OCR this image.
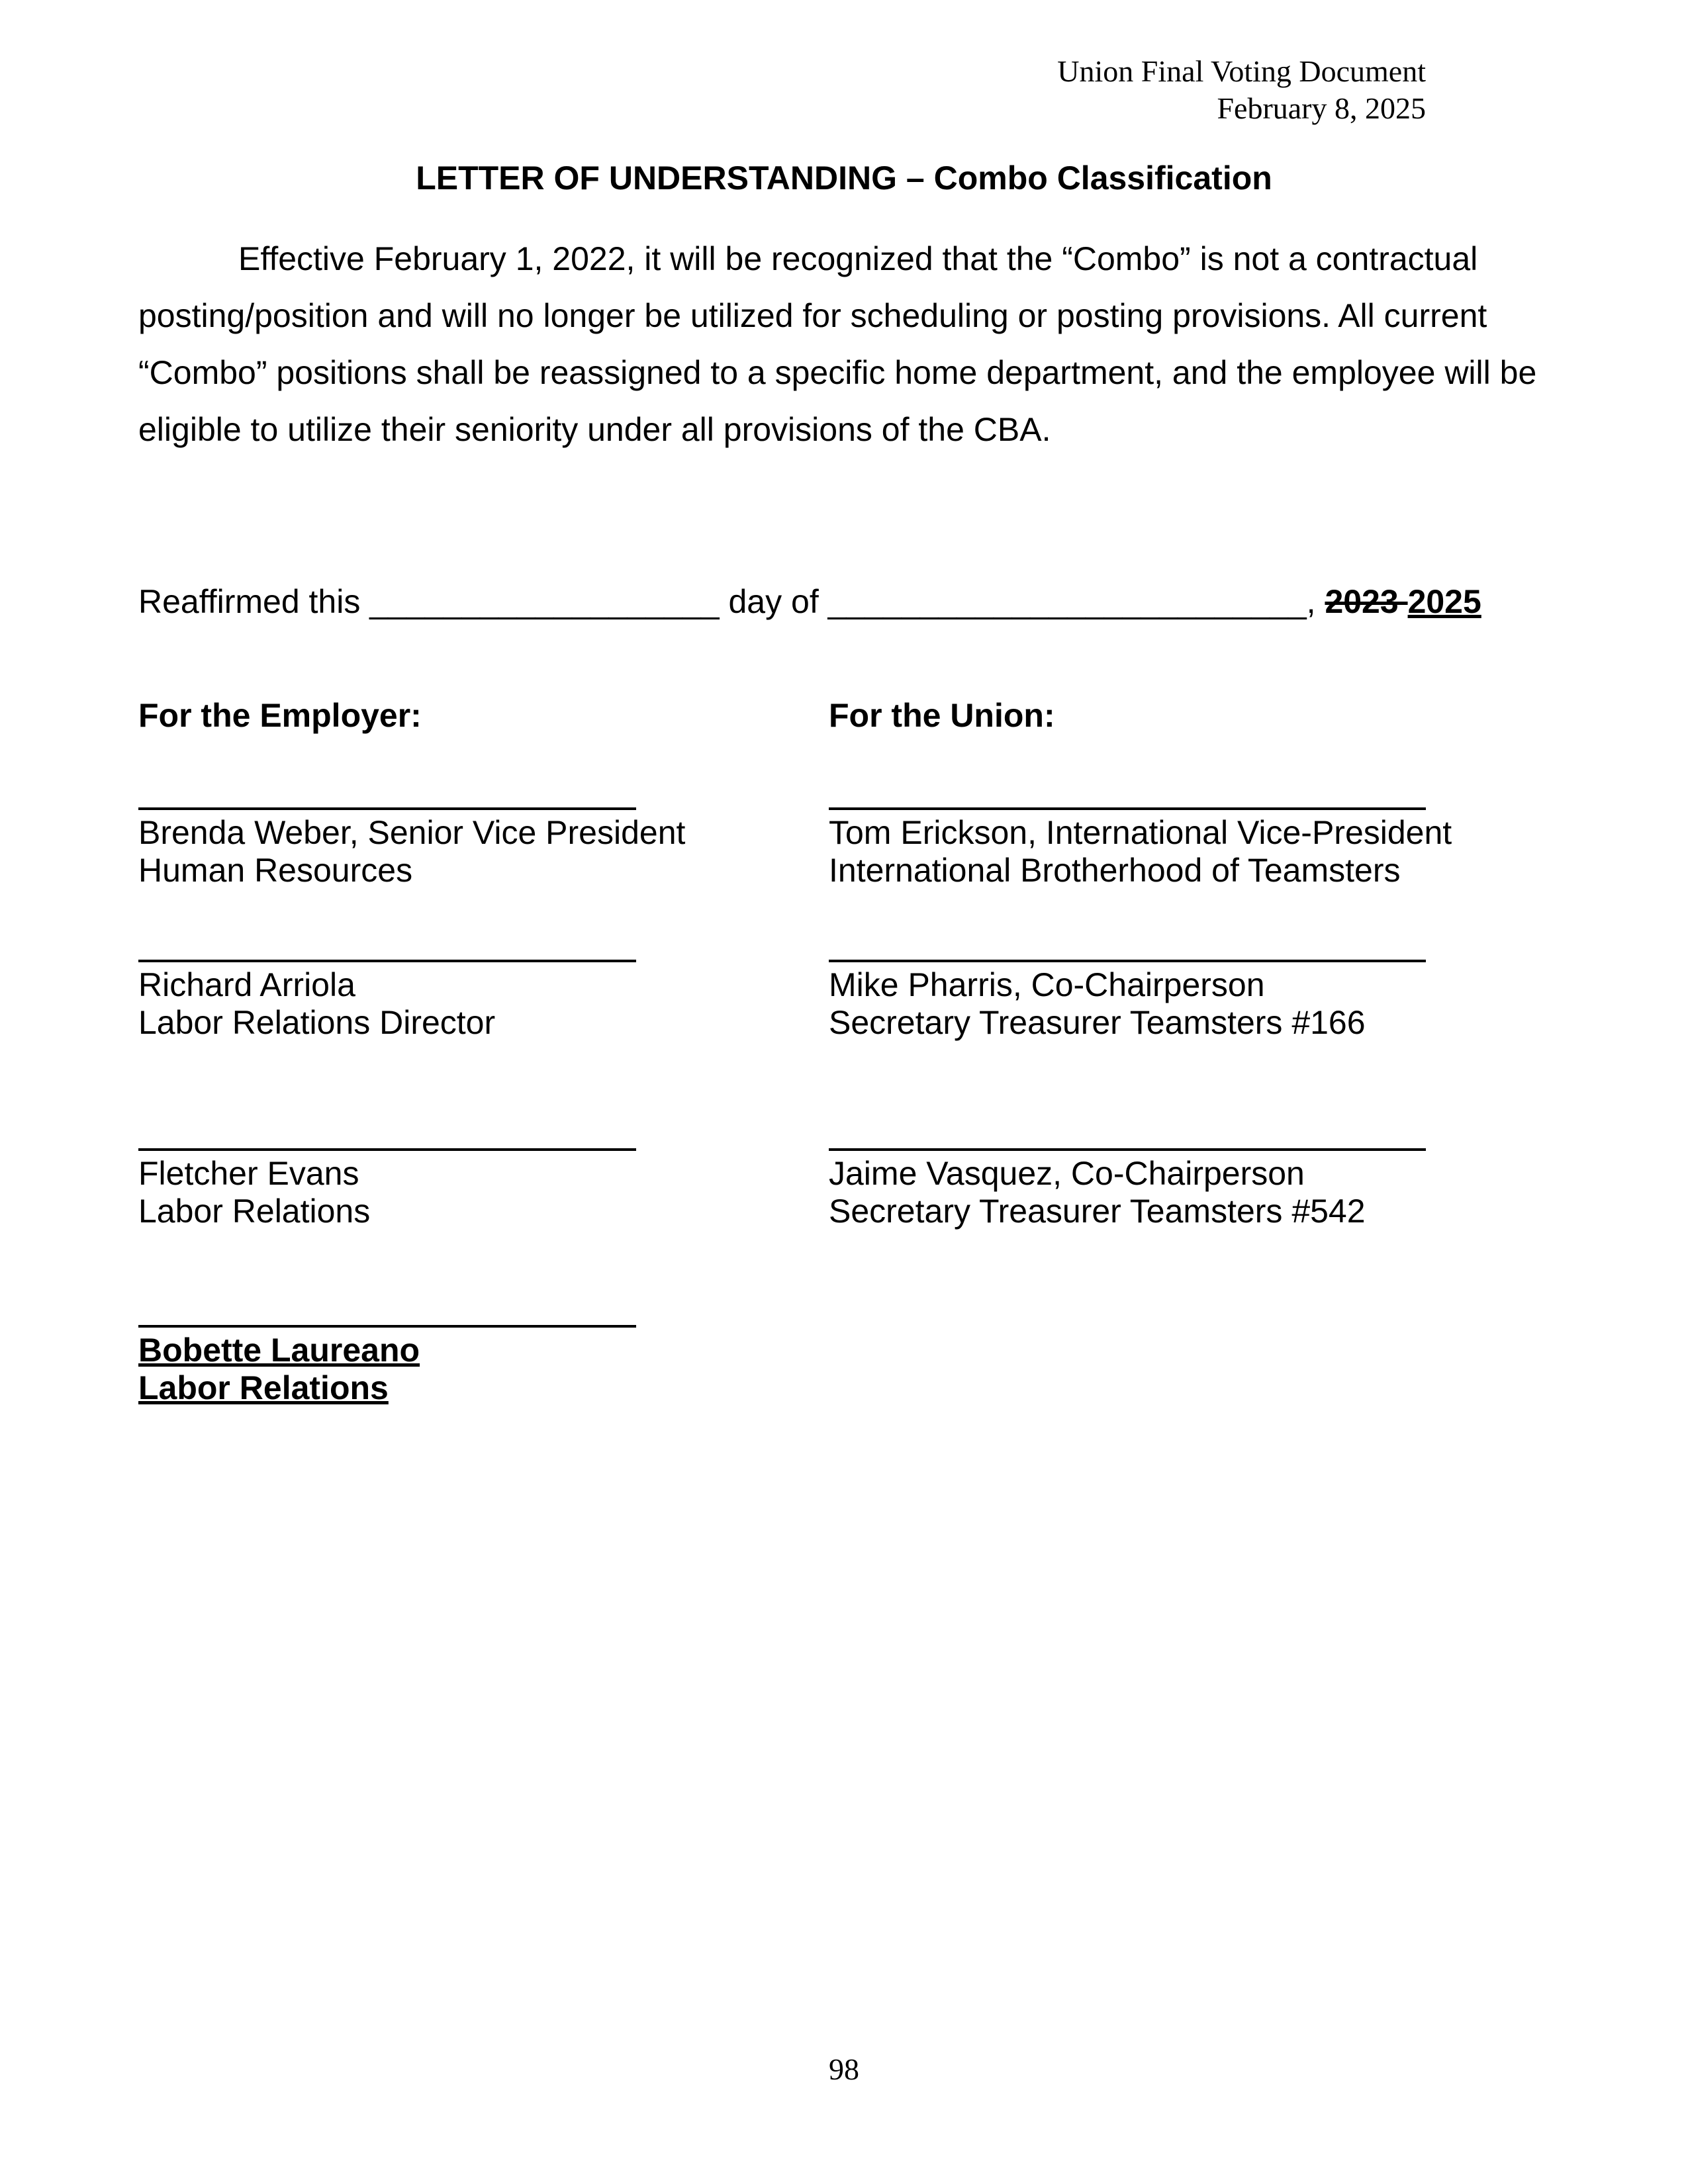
Union Final Voting Document
February 8, 2025
LETTER OF UNDERSTANDING – Combo Classification
Effective February 1, 2022, it will be recognized that the “Combo” is not a contractual posting/position and will no longer be utilized for scheduling or posting provisions. All current “Combo” positions shall be reassigned to a specific home department, and the employee will be eligible to utilize their seniority under all provisions of the CBA.
Reaffirmed this ___________________ day of __________________________, 2023 2025
For the Employer:	For the Union:
Brenda Weber, Senior Vice President
Human Resources
Richard Arriola
Labor Relations Director
Fletcher Evans
Labor Relations
Bobette Laureano
Labor Relations
Tom Erickson, International Vice-President
International Brotherhood of Teamsters
Mike Pharris, Co-Chairperson
Secretary Treasurer Teamsters #166
Jaime Vasquez, Co-Chairperson
Secretary Treasurer Teamsters #542
98
